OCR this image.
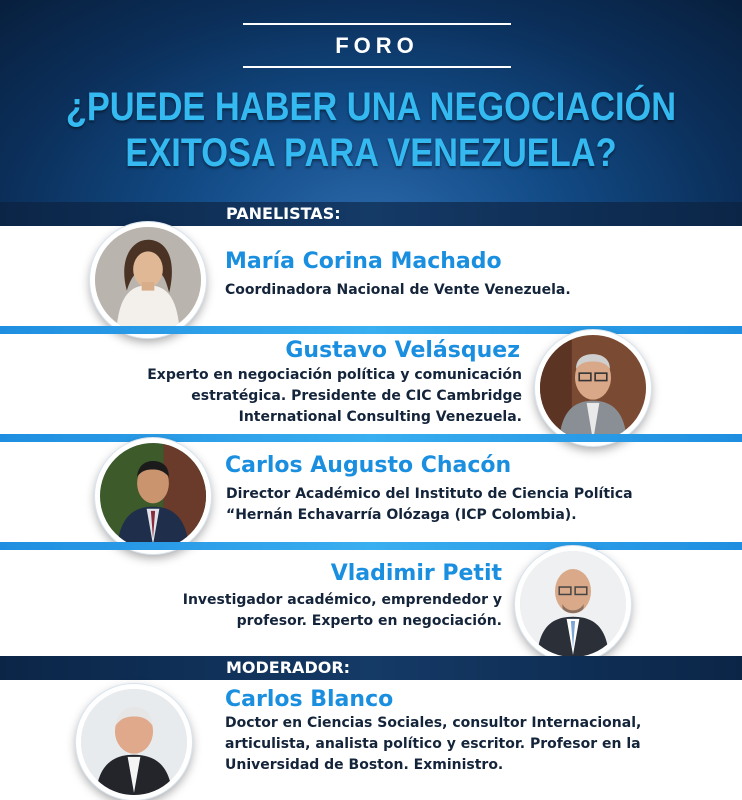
FORO
¿PUEDE HABER UNA NEGOCIACIÓN
EXITOSA PARA VENEZUELA?
PANELISTAS:
María Corina Machado
Coordinadora Nacional de Vente Venezuela.
Gustavo Velásquez
Experto en negociación política y comunicación
estratégica. Presidente de CIC Cambridge
International Consulting Venezuela.
Carlos Augusto Chacón
Director Académico del Instituto de Ciencia Política
“Hernán Echavarría Olózaga (ICP Colombia).
Vladimir Petit
Investigador académico, emprendedor y
profesor. Experto en negociación.
MODERADOR:
Carlos Blanco
Doctor en Ciencias Sociales, consultor Internacional,
articulista, analista político y escritor. Profesor en la
Universidad de Boston. Exministro.
